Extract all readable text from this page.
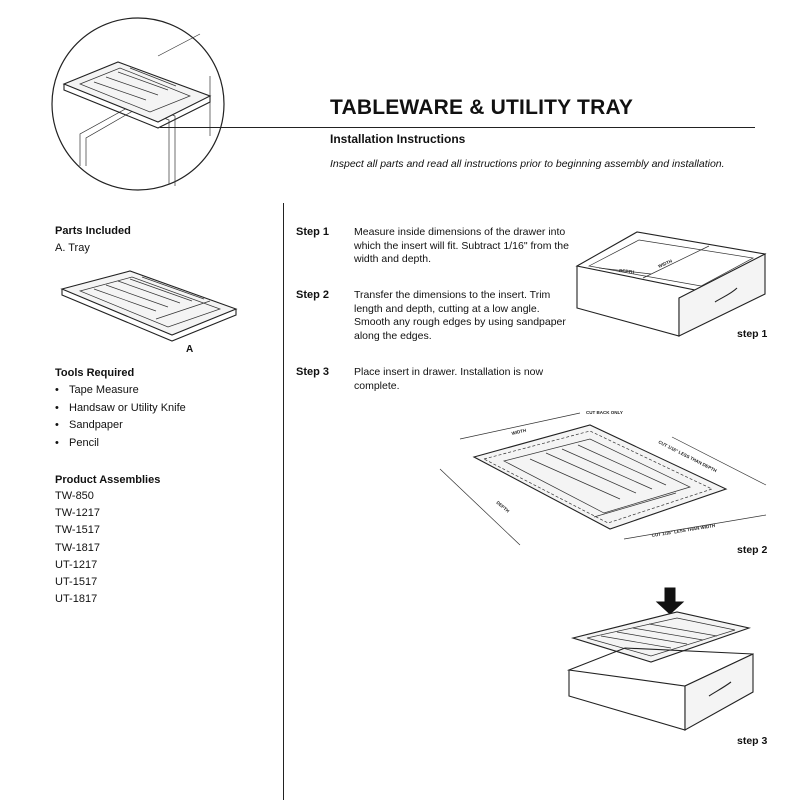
TABLEWARE & UTILITY TRAY
Installation Instructions
Inspect all parts and read all instructions prior to beginning assembly and installation.
Parts Included
A. Tray
A
Tools Required
• Tape Measure
• Handsaw or Utility Knife
• Sandpaper
• Pencil
Product Assemblies
TW-850
TW-1217
TW-1517
TW-1817
UT-1217
UT-1517
UT-1817
Step 1 Measure inside dimensions of the drawer into which the insert will fit. Subtract 1/16" from the width and depth.
Step 2 Transfer the dimensions to the insert. Trim length and depth, cutting at a low angle. Smooth any rough edges by using sandpaper along the edges.
Step 3 Place insert in drawer. Installation is now complete.
DEPTH
WIDTH
step 1
CUT BACK ONLY
WIDTH
CUT 1/16" LESS THAN DEPTH
DEPTH
CUT 1/16" LESS THAN WIDTH
step 2
step 3
